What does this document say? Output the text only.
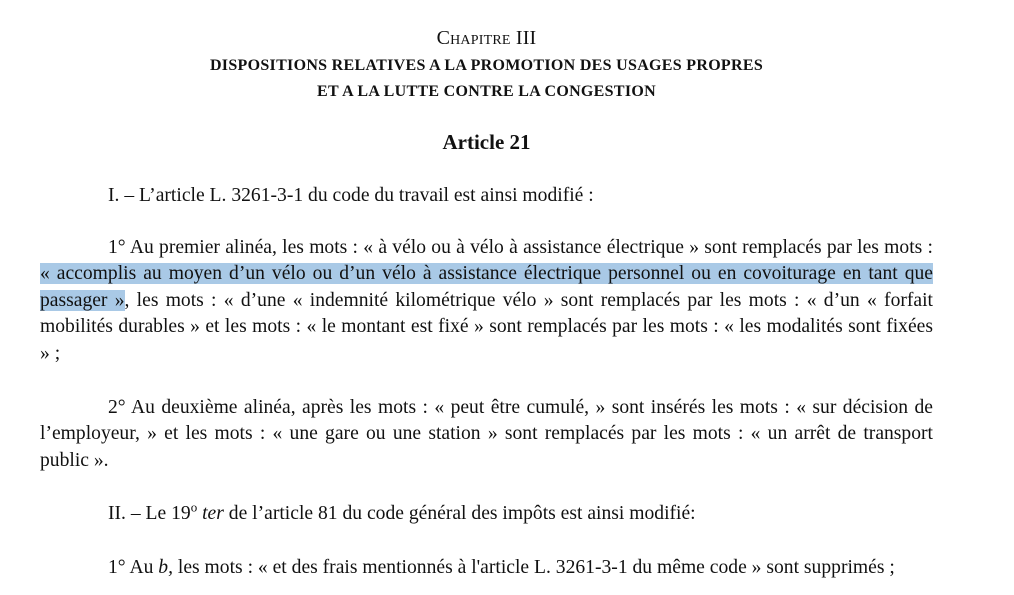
Chapitre III
DISPOSITIONS RELATIVES A LA PROMOTION DES USAGES PROPRES
ET A LA LUTTE CONTRE LA CONGESTION
Article 21

I. – L’article L. 3261-3-1 du code du travail est ainsi modifié :

1° Au premier alinéa, les mots : « à vélo ou à vélo à assistance électrique » sont remplacés par les mots : « accomplis au moyen d’un vélo ou d’un vélo à assistance électrique personnel ou en covoiturage en tant que passager », les mots : « d’une « indemnité kilométrique vélo » sont remplacés par les mots : « d’un « forfait mobilités durables » et les mots : « le montant est fixé » sont remplacés par les mots : « les modalités sont fixées » ;

2° Au deuxième alinéa, après les mots : « peut être cumulé, » sont insérés les mots : « sur décision de l’employeur, » et les mots : « une gare ou une station » sont remplacés par les mots : « un arrêt de transport public ».

II. – Le 19$^o$ ter de l’article 81 du code général des impôts est ainsi modifié:

1° Au b, les mots : « et des frais mentionnés à l'article L. 3261-3-1 du même code » sont supprimés ;
